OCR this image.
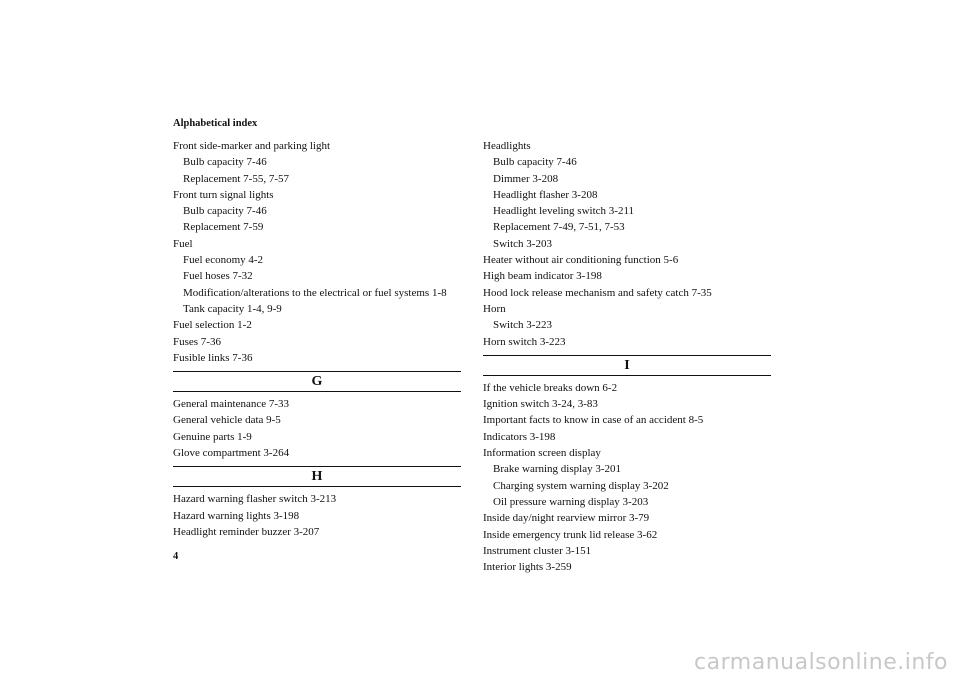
Alphabetical index
Front side-marker and parking light
Bulb capacity 7-46
Replacement 7-55, 7-57
Front turn signal lights
Bulb capacity 7-46
Replacement 7-59
Fuel
Fuel economy 4-2
Fuel hoses 7-32
Modification/alterations to the electrical or fuel systems 1-8
Tank capacity 1-4, 9-9
Fuel selection 1-2
Fuses 7-36
Fusible links 7-36
G
General maintenance 7-33
General vehicle data 9-5
Genuine parts 1-9
Glove compartment 3-264
H
Hazard warning flasher switch 3-213
Hazard warning lights 3-198
Headlight reminder buzzer 3-207
Headlights
Bulb capacity 7-46
Dimmer 3-208
Headlight flasher 3-208
Headlight leveling switch 3-211
Replacement 7-49, 7-51, 7-53
Switch 3-203
Heater without air conditioning function 5-6
High beam indicator 3-198
Hood lock release mechanism and safety catch 7-35
Horn
Switch 3-223
Horn switch 3-223
I
If the vehicle breaks down 6-2
Ignition switch 3-24, 3-83
Important facts to know in case of an accident 8-5
Indicators 3-198
Information screen display
Brake warning display 3-201
Charging system warning display 3-202
Oil pressure warning display 3-203
Inside day/night rearview mirror 3-79
Inside emergency trunk lid release 3-62
Instrument cluster 3-151
Interior lights 3-259
4
carmanualsonline.info
